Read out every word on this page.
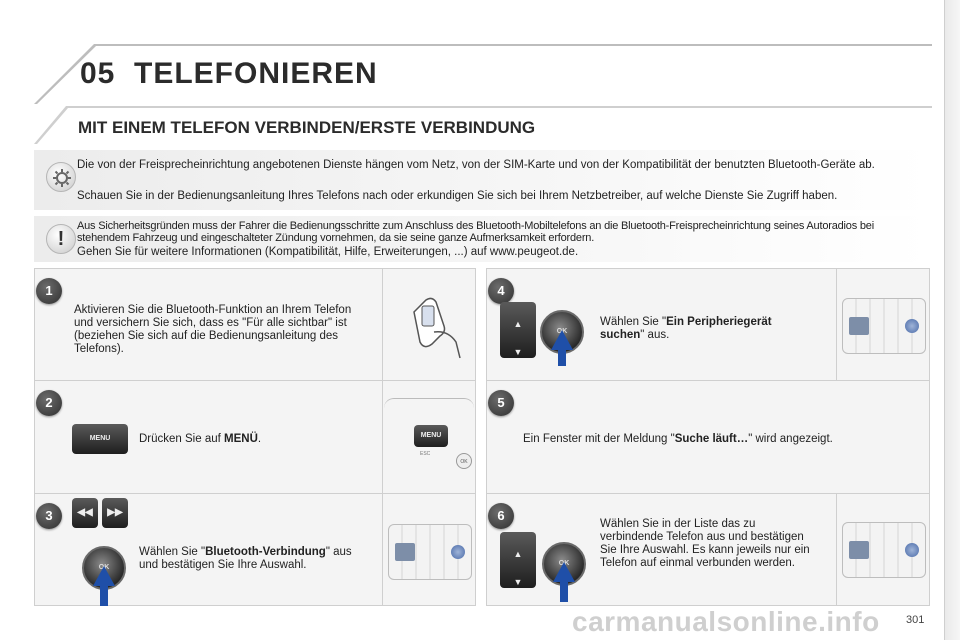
05 TELEFONIEREN
MIT EINEM TELEFON VERBINDEN/ERSTE VERBINDUNG

Die von der Freisprecheinrichtung angebotenen Dienste hängen vom Netz, von der SIM-Karte und von der Kompatibilität der benutzten Bluetooth-Geräte ab.

Schauen Sie in der Bedienungsanleitung Ihres Telefons nach oder erkundigen Sie sich bei Ihrem Netzbetreiber, auf welche Dienste Sie Zugriff haben.

Aus Sicherheitsgründen muss der Fahrer die Bedienungsschritte zum Anschluss des Bluetooth-Mobiltelefons an die Bluetooth-Freisprecheinrichtung seines Autoradios bei stehendem Fahrzeug und eingeschalteter Zündung vornehmen, da sie seine ganze Aufmerksamkeit erfordern.

Gehen Sie für weitere Informationen (Kompatibilität, Hilfe, Erweiterungen, ...) auf www.peugeot.de.

!
1
Aktivieren Sie die Bluetooth-Funktion an Ihrem Telefon und versichern Sie sich, dass es "Für alle sichtbar" ist (beziehen Sie sich auf die Bedienungsanleitung des Telefons).
2
MENU	Drücken Sie auf MENÜ.	MENU
ESC
OK
3	◀◀	▶▶
OK
Wählen Sie "Bluetooth-Verbindung" aus und bestätigen Sie Ihre Auswahl.
4
▲
▼
OK
Wählen Sie "Ein Peripheriegerät suchen" aus.
5
Ein Fenster mit der Meldung "Suche läuft…" wird angezeigt.
6
▲
▼
OK
Wählen Sie in der Liste das zu verbindende Telefon aus und bestätigen Sie Ihre Auswahl. Es kann jeweils nur ein Telefon auf einmal verbunden werden.
carmanualsonline.info 301
